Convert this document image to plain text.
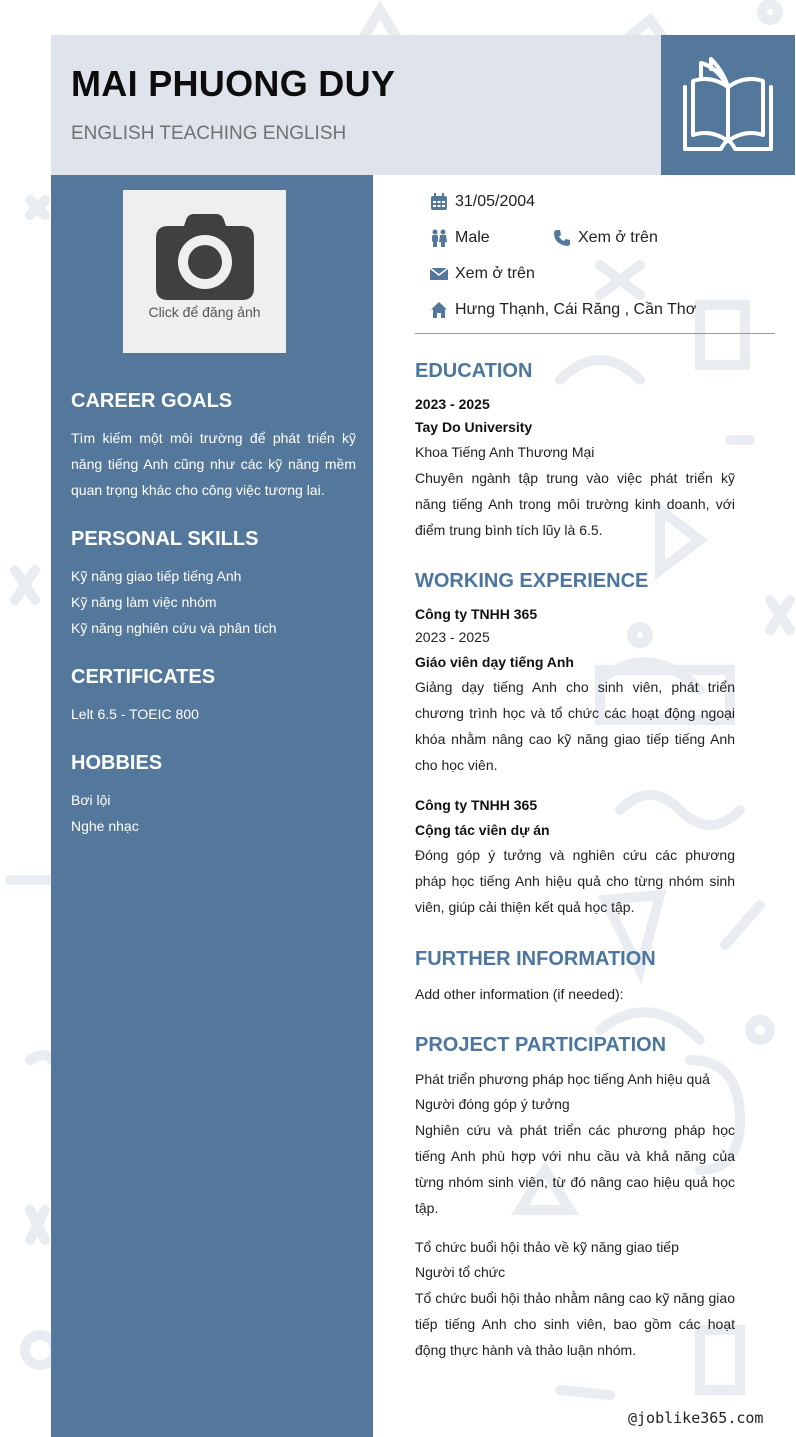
MAI PHUONG DUY
ENGLISH TEACHING ENGLISH
Click để đăng ảnh
CAREER GOALS

Tìm kiếm một môi trường để phát triển kỹ năng tiếng Anh cũng như các kỹ năng mềm quan trọng khác cho công việc tương lai.

PERSONAL SKILLS
Kỹ năng giao tiếp tiếng Anh
Kỹ năng làm việc nhóm
Kỹ năng nghiên cứu và phân tích
CERTIFICATES
Lelt 6.5 - TOEIC 800
HOBBIES
Bơi lội
Nghe nhạc
31/05/2004
Male	Xem ở trên
Xem ở trên
Hưng Thạnh, Cái Răng , Cần Thơ
EDUCATION
2023 - 2025
Tay Do University
Khoa Tiếng Anh Thương Mại

Chuyên ngành tập trung vào việc phát triển kỹ năng tiếng Anh trong môi trường kinh doanh, với điểm trung bình tích lũy là 6.5.

WORKING EXPERIENCE
Công ty TNHH 365
2023 - 2025
Giáo viên dạy tiếng Anh

Giảng dạy tiếng Anh cho sinh viên, phát triển chương trình học và tổ chức các hoạt động ngoại khóa nhằm nâng cao kỹ năng giao tiếp tiếng Anh cho học viên.

Công ty TNHH 365
Cộng tác viên dự án

Đóng góp ý tưởng và nghiên cứu các phương pháp học tiếng Anh hiệu quả cho từng nhóm sinh viên, giúp cải thiện kết quả học tập.

FURTHER INFORMATION
Add other information (if needed):
PROJECT PARTICIPATION
Phát triển phương pháp học tiếng Anh hiệu quả
Người đóng góp ý tưởng

Nghiên cứu và phát triển các phương pháp học tiếng Anh phù hợp với nhu cầu và khả năng của từng nhóm sinh viên, từ đó nâng cao hiệu quả học tập.

Tổ chức buổi hội thảo về kỹ năng giao tiếp
Người tổ chức

Tổ chức buổi hội thảo nhằm nâng cao kỹ năng giao tiếp tiếng Anh cho sinh viên, bao gồm các hoạt động thực hành và thảo luận nhóm.

@joblike365.com
